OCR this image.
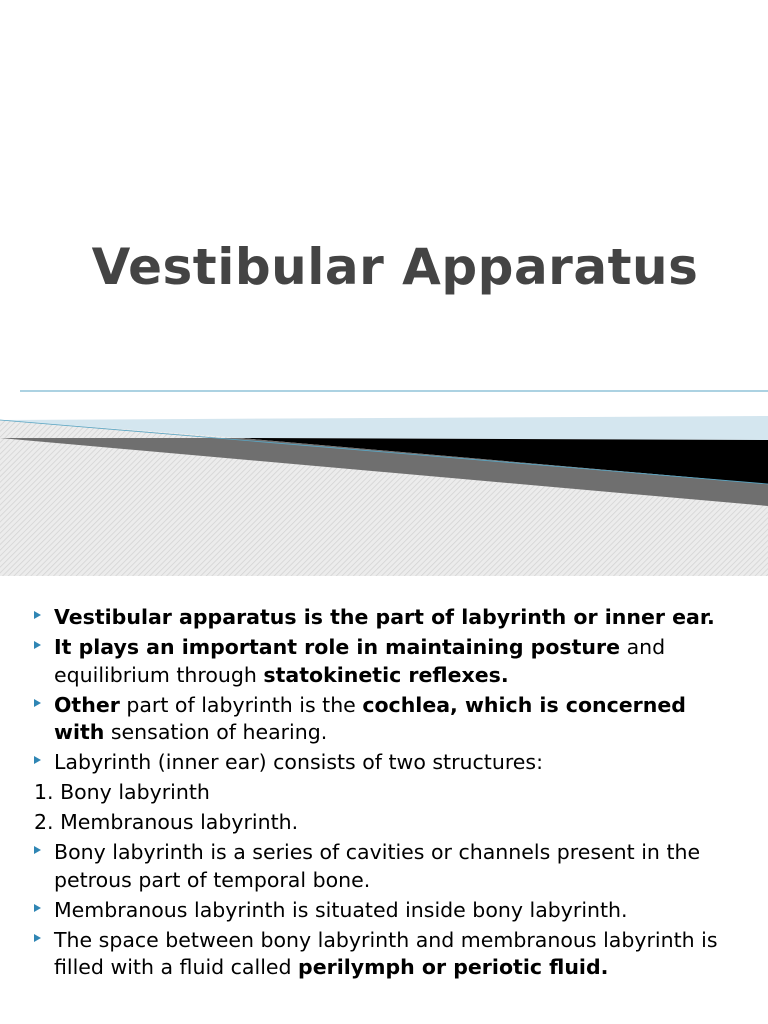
Vestibular Apparatus
Vestibular apparatus is the part of labyrinth or inner ear.
It plays an important role in maintaining posture and equilibrium through statokinetic reflexes.
Other part of labyrinth is the cochlea, which is concerned with sensation of hearing.
Labyrinth (inner ear) consists of two structures:
1. Bony labyrinth
2. Membranous labyrinth.
Bony labyrinth is a series of cavities or channels present in the petrous part of temporal bone.
Membranous labyrinth is situated inside bony labyrinth.
The space between bony labyrinth and membranous labyrinth is filled with a fluid called perilymph or periotic fluid.
